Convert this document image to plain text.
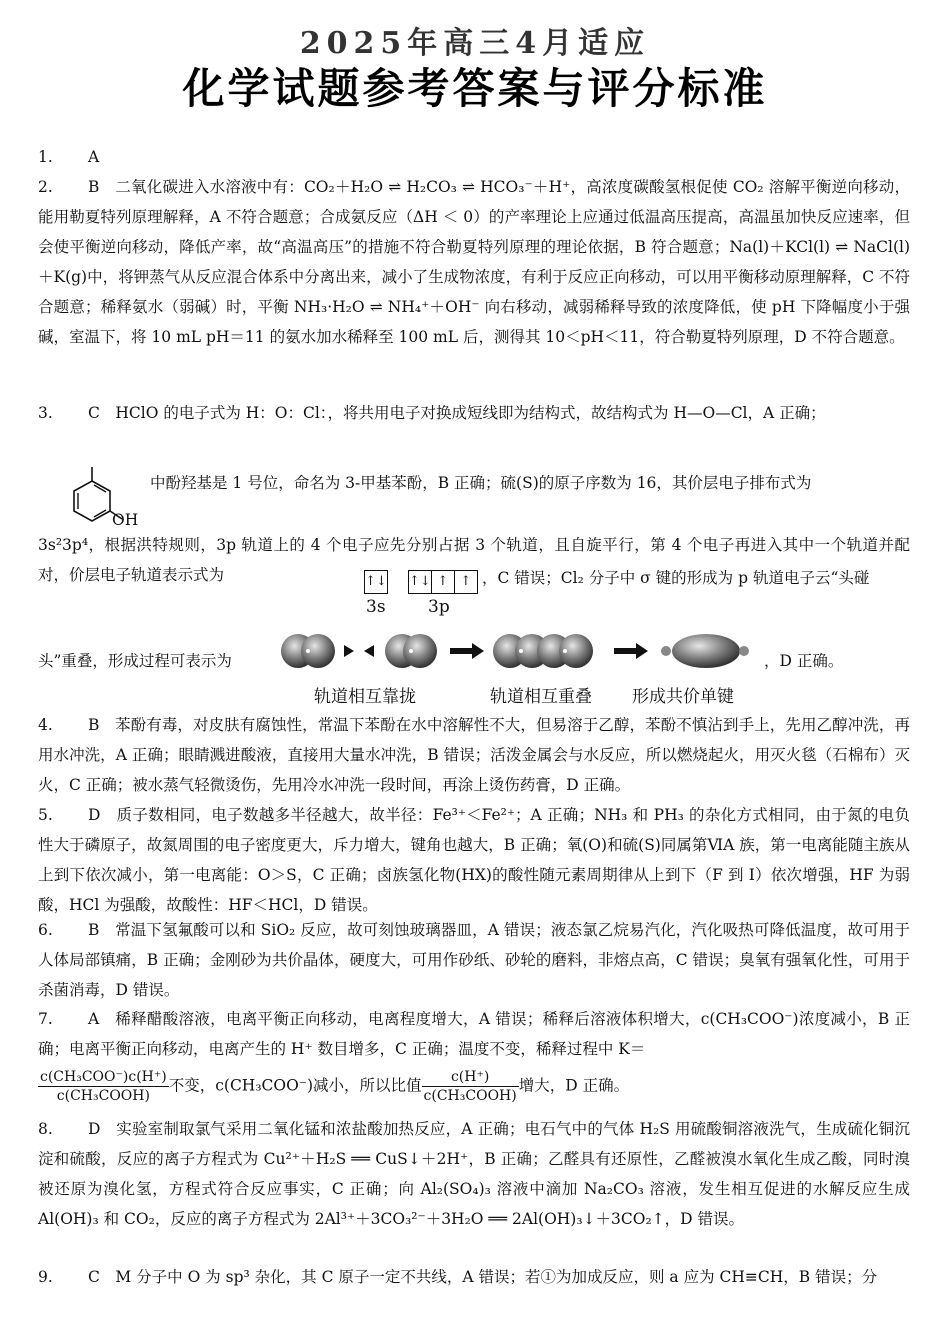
2025年高三4月适应
化学试题参考答案与评分标准
1. A
2. B　二氧化碳进入水溶液中有：CO₂＋H₂O ⇌ H₂CO₃ ⇌ HCO₃⁻＋H⁺，高浓度碳酸氢根促使 CO₂ 溶解平衡逆向移动，能用勒夏特列原理解释，A 不符合题意；合成氨反应（ΔH ＜ 0）的产率理论上应通过低温高压提高，高温虽加快反应速率，但会使平衡逆向移动，降低产率，故“高温高压”的措施不符合勒夏特列原理的理论依据，B 符合题意；Na(l)＋KCl(l) ⇌ NaCl(l)＋K(g)中，将钾蒸气从反应混合体系中分离出来，减小了生成物浓度，有利于反应正向移动，可以用平衡移动原理解释，C 不符合题意；稀释氨水（弱碱）时，平衡 NH₃·H₂O ⇌ NH₄⁺＋OH⁻ 向右移动，减弱稀释导致的浓度降低，使 pH 下降幅度小于强碱，室温下，将 10 mL pH＝11 的氨水加水稀释至 100 mL 后，测得其 10＜pH＜11，符合勒夏特列原理，D 不符合题意。
3. C　HClO 的电子式为 H：O：Cl：，将共用电子对换成短线即为结构式，故结构式为 H—O—Cl，A 正确；
OH
中酚羟基是 1 号位，命名为 3-甲基苯酚，B 正确；硫(S)的原子序数为 16，其价层电子排布式为
3s²3p⁴，根据洪特规则，3p 轨道上的 4 个电子应先分别占据 3 个轨道，且自旋平行，第 4 个电子再进入其中一个轨道并配对，价层电子轨道表示式为	↑↓
↑↓ ↑ ↑ ，C 错误；Cl₂ 分子中 σ 键的形成为 p 轨道电子云“头碰
3s 3p
头”重叠，形成过程可表示为	，D 正确。
轨道相互靠拢	轨道相互重叠 形成共价单键
4. B　苯酚有毒，对皮肤有腐蚀性，常温下苯酚在水中溶解性不大，但易溶于乙醇，苯酚不慎沾到手上，先用乙醇冲洗，再用水冲洗，A 正确；眼睛溅进酸液，直接用大量水冲洗，B 错误；活泼金属会与水反应，所以燃烧起火，用灭火毯（石棉布）灭火，C 正确；被水蒸气轻微烫伤，先用冷水冲洗一段时间，再涂上烫伤药膏，D 正确。
5. D　质子数相同，电子数越多半径越大，故半径：Fe³⁺＜Fe²⁺；A 正确；NH₃ 和 PH₃ 的杂化方式相同，由于氮的电负性大于磷原子，故氮周围的电子密度更大，斥力增大，键角也越大，B 正确；氧(O)和硫(S)同属第ⅥA 族，第一电离能随主族从上到下依次减小，第一电离能：O＞S，C 正确；卤族氢化物(HX)的酸性随元素周期律从上到下（F 到 I）依次增强，HF 为弱酸，HCl 为强酸，故酸性：HF＜HCl，D 错误。
6. B　常温下氢氟酸可以和 SiO₂ 反应，故可刻蚀玻璃器皿，A 错误；液态氯乙烷易汽化，汽化吸热可降低温度，故可用于人体局部镇痛，B 正确；金刚砂为共价晶体，硬度大，可用作砂纸、砂轮的磨料，非熔点高，C 错误；臭氧有强氧化性，可用于杀菌消毒，D 错误。
7. A　稀释醋酸溶液，电离平衡正向移动，电离程度增大，A 错误；稀释后溶液体积增大，c(CH₃COO⁻)浓度减小，B 正确；电离平衡正向移动，电离产生的 H⁺ 数目增多，C 正确；温度不变，稀释过程中 K＝
$\frac{\text{c(CH₃COO⁻)c(H⁺)}}{\text{c(CH₃COOH)}}$ 不变，c(CH₃COO⁻)减小，所以比值 $\frac{c(H^+)}{\text{c(CH₃COOH)}}$ 增大，D 正确。
8. D　实验室制取氯气采用二氧化锰和浓盐酸加热反应，A 正确；电石气中的气体 H₂S 用硫酸铜溶液洗气，生成硫化铜沉淀和硫酸，反应的离子方程式为 Cu²⁺＋H₂S ══ CuS↓＋2H⁺，B 正确；乙醛具有还原性，乙醛被溴水氧化生成乙酸，同时溴被还原为溴化氢，方程式符合反应事实，C 正确；向 Al₂(SO₄)₃ 溶液中滴加 Na₂CO₃ 溶液，发生相互促进的水解反应生成 Al(OH)₃ 和 CO₂，反应的离子方程式为 2Al³⁺＋3CO₃²⁻＋3H₂O ══ 2Al(OH)₃↓＋3CO₂↑，D 错误。
9. C　M 分子中 O 为 sp³ 杂化，其 C 原子一定不共线，A 错误；若①为加成反应，则 a 应为 CH≡CH，B 错误；分
